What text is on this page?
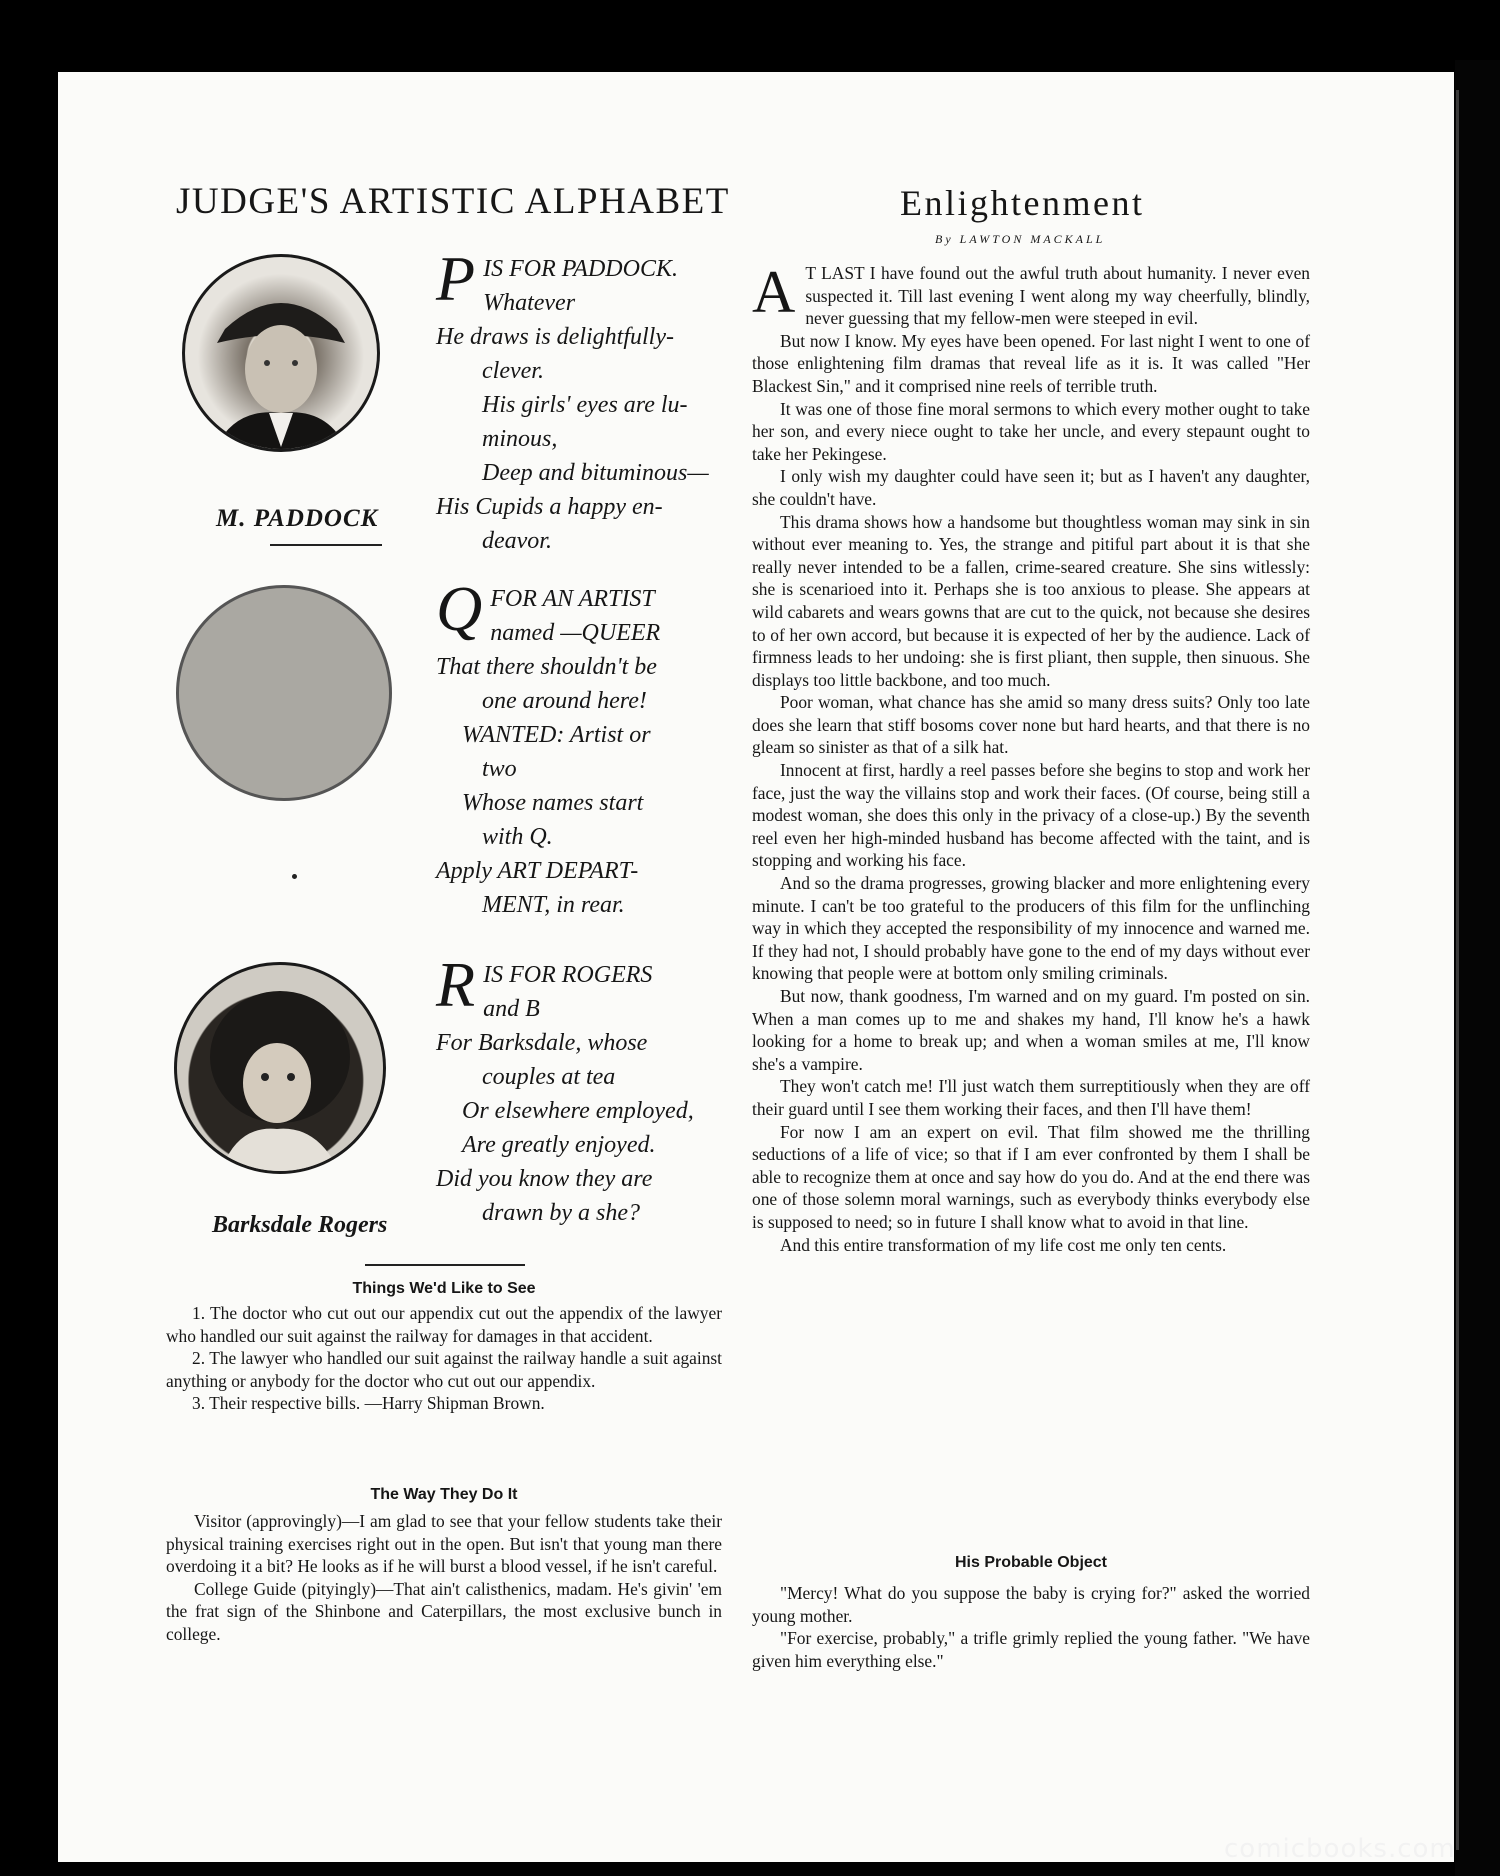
JUDGE'S ARTISTIC ALPHABET
M. PADDOCK
P IS FOR PADDOCK.
Whatever
He draws is delightfully-
clever.
His girls' eyes are lu-
minous,
Deep and bituminous—
His Cupids a happy en-
deavor.
Q FOR AN ARTIST
named —QUEER
That there shouldn't be
one around here!
WANTED: Artist or
two
Whose names start
with Q.
Apply ART DEPART-
MENT, in rear.
Barksdale Rogers
R IS FOR ROGERS
and B
For Barksdale, whose
couples at tea
Or elsewhere employed,
Are greatly enjoyed.
Did you know they are
drawn by a she?
Things We'd Like to See

1. The doctor who cut out our appendix cut out the appendix of the lawyer who handled our suit against the railway for damages in that accident.

2. The lawyer who handled our suit against the railway handle a suit against anything or anybody for the doctor who cut out our appendix.

3. Their respective bills. —Harry Shipman Brown.

The Way They Do It

Visitor (approvingly)—I am glad to see that your fellow students take their physical training exercises right out in the open. But isn't that young man there overdoing it a bit? He looks as if he will burst a blood vessel, if he isn't careful.

College Guide (pityingly)—That ain't calisthenics, madam. He's givin' 'em the frat sign of the Shinbone and Caterpillars, the most exclusive bunch in college.

Enlightenment
By LAWTON MACKALL

A T LAST I have found out the awful truth about humanity. I never even suspected it. Till last evening I went along my way cheerfully, blindly, never guessing that my fellow-men were steeped in evil.

But now I know. My eyes have been opened. For last night I went to one of those enlightening film dramas that reveal life as it is. It was called "Her Blackest Sin," and it comprised nine reels of terrible truth.

It was one of those fine moral sermons to which every mother ought to take her son, and every niece ought to take her uncle, and every stepaunt ought to take her Pekingese.

I only wish my daughter could have seen it; but as I haven't any daughter, she couldn't have.

This drama shows how a handsome but thoughtless woman may sink in sin without ever meaning to. Yes, the strange and pitiful part about it is that she really never intended to be a fallen, crime-seared creature. She sins witlessly: she is scenarioed into it. Perhaps she is too anxious to please. She appears at wild cabarets and wears gowns that are cut to the quick, not because she desires to of her own accord, but because it is expected of her by the audience. Lack of firmness leads to her undoing: she is first pliant, then supple, then sinuous. She displays too little backbone, and too much.

Poor woman, what chance has she amid so many dress suits? Only too late does she learn that stiff bosoms cover none but hard hearts, and that there is no gleam so sinister as that of a silk hat.

Innocent at first, hardly a reel passes before she begins to stop and work her face, just the way the villains stop and work their faces. (Of course, being still a modest woman, she does this only in the privacy of a close-up.) By the seventh reel even her high-minded husband has become affected with the taint, and is stopping and working his face.

And so the drama progresses, growing blacker and more enlightening every minute. I can't be too grateful to the producers of this film for the unflinching way in which they accepted the responsibility of my innocence and warned me. If they had not, I should probably have gone to the end of my days without ever knowing that people were at bottom only smiling criminals.

But now, thank goodness, I'm warned and on my guard. I'm posted on sin. When a man comes up to me and shakes my hand, I'll know he's a hawk looking for a home to break up; and when a woman smiles at me, I'll know she's a vampire.

They won't catch me! I'll just watch them surreptitiously when they are off their guard until I see them working their faces, and then I'll have them!

For now I am an expert on evil. That film showed me the thrilling seductions of a life of vice; so that if I am ever confronted by them I shall be able to recognize them at once and say how do you do. And at the end there was one of those solemn moral warnings, such as everybody thinks everybody else is supposed to need; so in future I shall know what to avoid in that line.

And this entire transformation of my life cost me only ten cents.

His Probable Object

"Mercy! What do you suppose the baby is crying for?" asked the worried young mother.

"For exercise, probably," a trifle grimly replied the young father. "We have given him everything else."

comicbooks.com
